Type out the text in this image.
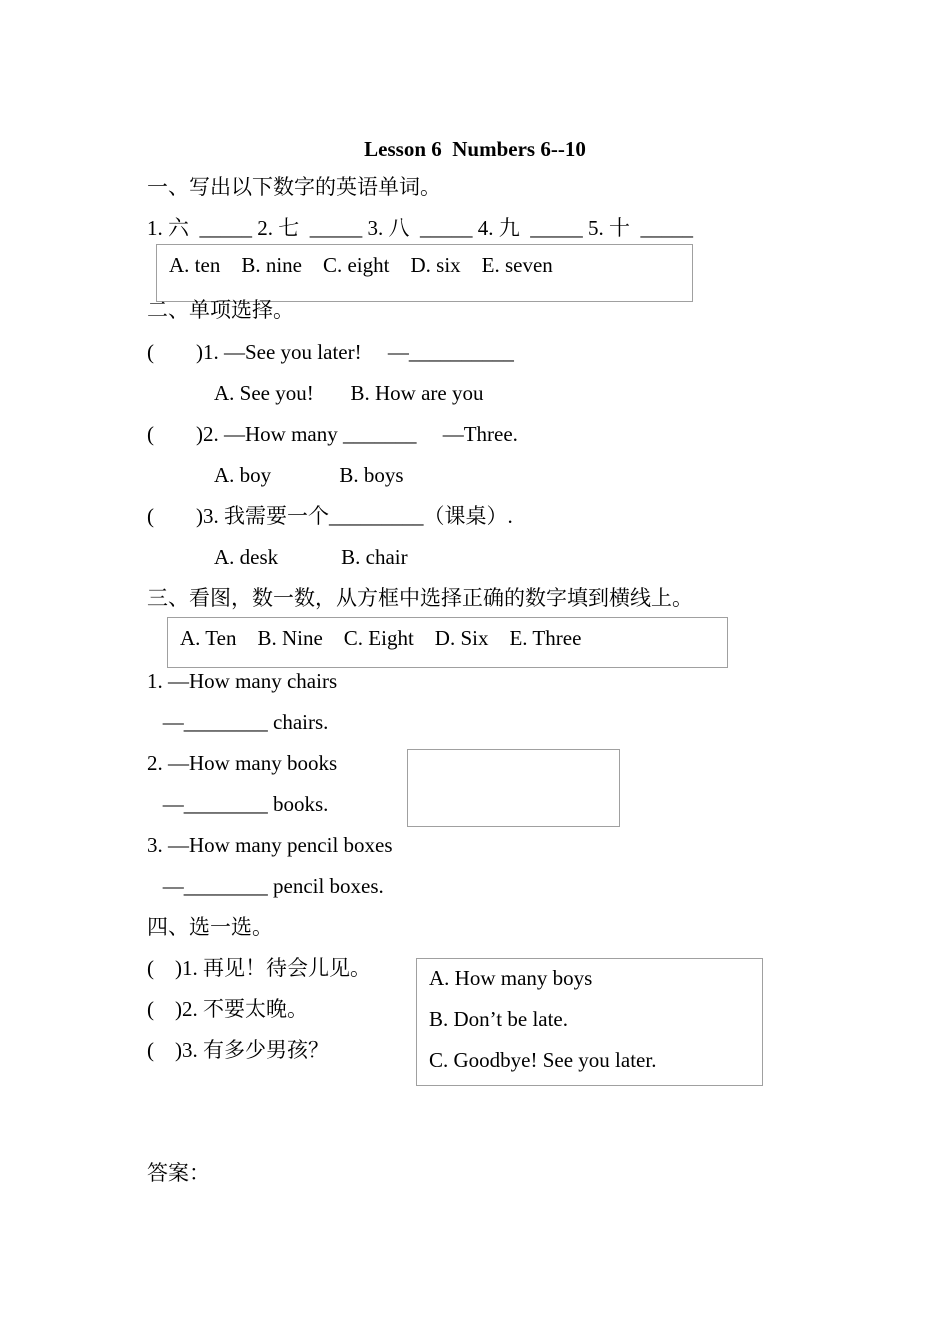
Lesson 6  Numbers 6--10
一、写出以下数字的英语单词。
1. 六  _____ 2. 七  _____ 3. 八  _____ 4. 九  _____ 5. 十  _____
A. ten    B. nine    C. eight    D. six    E. seven
二、单项选择。
(        )1. —See you later!     —__________
A. See you!       B. How are you
(        )2. —How many _______     —Three.
A. boy             B. boys
(        )3. 我需要一个_________（课桌）.
A. desk            B. chair
三、看图，数一数，从方框中选择正确的数字填到横线上。
A. Ten    B. Nine    C. Eight    D. Six    E. Three
1. —How many chairs
—________ chairs.
2. —How many books
—________ books.
3. —How many pencil boxes
—________ pencil boxes.
四、选一选。
(    )1. 再见！待会儿见。
(    )2. 不要太晚。
(    )3. 有多少男孩？
A. How many boys
B. Don’t be late.
C. Goodbye! See you later.
答案：
